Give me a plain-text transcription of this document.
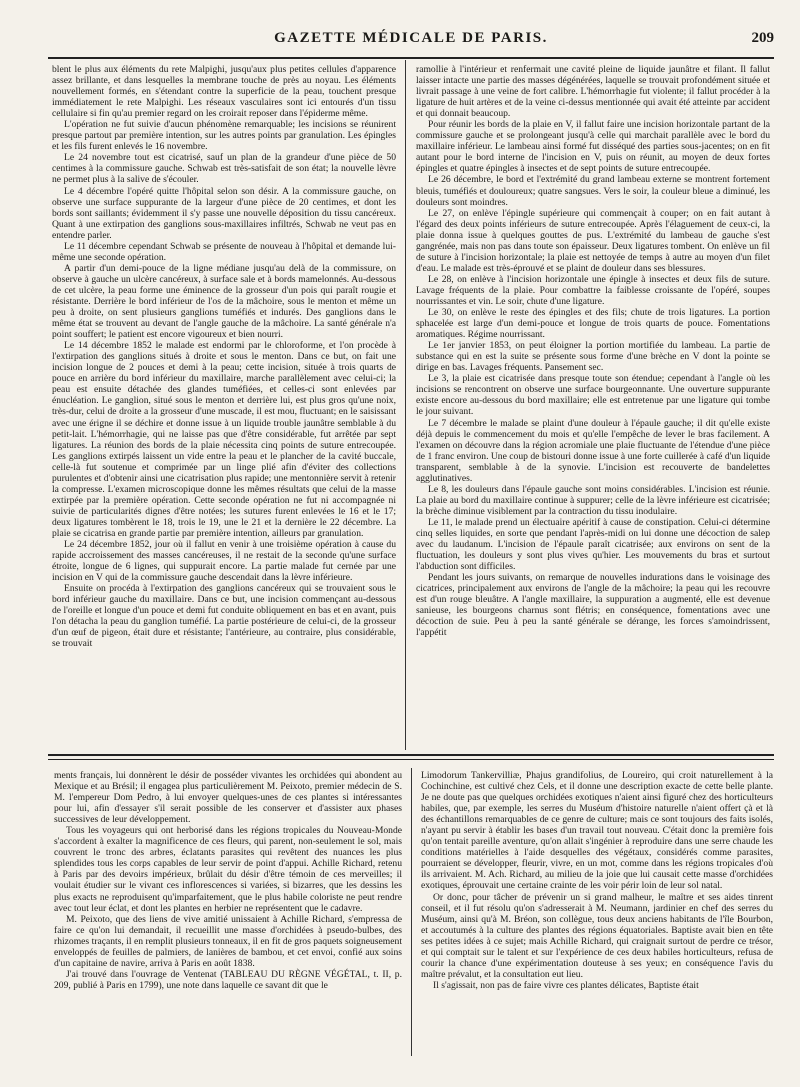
GAZETTE MÉDICALE DE PARIS.	209

blent le plus aux éléments du rete Malpighi, jusqu'aux plus petites cellules d'apparence assez brillante, et dans lesquelles la membrane touche de près au noyau. Les éléments nouvellement formés, en s'étendant contre la superficie de la peau, touchent presque immédiatement le rete Malpighi. Les réseaux vasculaires sont ici entourés d'un tissu cellulaire si fin qu'au premier regard on les croirait reposer dans l'épiderme même.

L'opération ne fut suivie d'aucun phénomène remarquable; les incisions se réunirent presque partout par première intention, sur les autres points par granulation. Les épingles et les fils furent enlevés le 16 novembre.

Le 24 novembre tout est cicatrisé, sauf un plan de la grandeur d'une pièce de 50 centimes à la commissure gauche. Schwab est très-satisfait de son état; la nouvelle lèvre ne permet plus à la salive de s'écouler.

Le 4 décembre l'opéré quitte l'hôpital selon son désir. A la commissure gauche, on observe une surface suppurante de la largeur d'une pièce de 20 centimes, et dont les bords sont saillants; évidemment il s'y passe une nouvelle déposition du tissu cancéreux. Quant à une extirpation des ganglions sous-maxillaires infiltrés, Schwab ne veut pas en entendre parler.

Le 11 décembre cependant Schwab se présente de nouveau à l'hôpital et demande lui-même une seconde opération.

A partir d'un demi-pouce de la ligne médiane jusqu'au delà de la commissure, on observe à gauche un ulcère cancéreux, à surface sale et à bords mamelonnés. Au-dessous de cet ulcère, la peau forme une éminence de la grosseur d'un pois qui paraît rougie et résistante. Derrière le bord inférieur de l'os de la mâchoire, sous le menton et même un peu à droite, on sent plusieurs ganglions tuméfiés et indurés. Des ganglions dans le même état se trouvent au devant de l'angle gauche de la mâchoire. La santé générale n'a point souffert; le patient est encore vigoureux et bien nourri.

Le 14 décembre 1852 le malade est endormi par le chloroforme, et l'on procède à l'extirpation des ganglions situés à droite et sous le menton. Dans ce but, on fait une incision longue de 2 pouces et demi à la peau; cette incision, située à trois quarts de pouce en arrière du bord inférieur du maxillaire, marche parallèlement avec celui-ci; la peau est ensuite détachée des glandes tuméfiées, et celles-ci sont enlevées par énucléation. Le ganglion, situé sous le menton et derrière lui, est plus gros qu'une noix, très-dur, celui de droite a la grosseur d'une muscade, il est mou, fluctuant; en le saisissant avec une érigne il se déchire et donne issue à un liquide trouble jaunâtre semblable à du petit-lait. L'hémorrhagie, qui ne laisse pas que d'être considérable, fut arrêtée par sept ligatures. La réunion des bords de la plaie nécessita cinq points de suture entrecoupée. Les ganglions extirpés laissent un vide entre la peau et le plancher de la cavité buccale, celle-là fut soutenue et comprimée par un linge plié afin d'éviter des collections purulentes et d'obtenir ainsi une cicatrisation plus rapide; une mentonnière servit à retenir la compresse. L'examen microscopique donne les mêmes résultats que celui de la masse extirpée par la première opération. Cette seconde opération ne fut ni accompagnée ni suivie de particularités dignes d'être notées; les sutures furent enlevées le 16 et le 17; deux ligatures tombèrent le 18, trois le 19, une le 21 et la dernière le 22 décembre. La plaie se cicatrisa en grande partie par première intention, ailleurs par granulation.

Le 24 décembre 1852, jour où il fallut en venir à une troisième opération à cause du rapide accroissement des masses cancéreuses, il ne restait de la seconde qu'une surface étroite, longue de 6 lignes, qui suppurait encore. La partie malade fut cernée par une incision en V qui de la commissure gauche descendait dans la lèvre inférieure.

Ensuite on procéda à l'extirpation des ganglions cancéreux qui se trouvaient sous le bord inférieur gauche du maxillaire. Dans ce but, une incision commençant au-dessous de l'oreille et longue d'un pouce et demi fut conduite obliquement en bas et en avant, puis l'on détacha la peau du ganglion tuméfié. La partie postérieure de celui-ci, de la grosseur d'un œuf de pigeon, était dure et résistante; l'antérieure, au contraire, plus considérable, se trouvait

ramollie à l'intérieur et renfermait une cavité pleine de liquide jaunâtre et filant. Il fallut laisser intacte une partie des masses dégénérées, laquelle se trouvait profondément située et livrait passage à une veine de fort calibre. L'hémorrhagie fut violente; il fallut procéder à la ligature de huit artères et de la veine ci-dessus mentionnée qui avait été atteinte par accident et qui donnait beaucoup.

Pour réunir les bords de la plaie en V, il fallut faire une incision horizontale partant de la commissure gauche et se prolongeant jusqu'à celle qui marchait parallèle avec le bord du maxillaire inférieur. Le lambeau ainsi formé fut disséqué des parties sous-jacentes; on en fit autant pour le bord interne de l'incision en V, puis on réunit, au moyen de deux fortes épingles et quatre épingles à insectes et de sept points de suture entrecoupée.

Le 26 décembre, le bord et l'extrémité du grand lambeau externe se montrent fortement bleuis, tuméfiés et douloureux; quatre sangsues. Vers le soir, la couleur bleue a diminué, les douleurs sont moindres.

Le 27, on enlève l'épingle supérieure qui commençait à couper; on en fait autant à l'égard des deux points inférieurs de suture entrecoupée. Après l'élaguement de ceux-ci, la plaie donna issue à quelques gouttes de pus. L'extrémité du lambeau de gauche s'est gangrénée, mais non pas dans toute son épaisseur. Deux ligatures tombent. On enlève un fil de suture à l'incision horizontale; la plaie est nettoyée de temps à autre au moyen d'un filet d'eau. Le malade est très-éprouvé et se plaint de douleur dans ses blessures.

Le 28, on enlève à l'incision horizontale une épingle à insectes et deux fils de suture. Lavage fréquents de la plaie. Pour combattre la faiblesse croissante de l'opéré, soupes nourrissantes et vin. Le soir, chute d'une ligature.

Le 30, on enlève le reste des épingles et des fils; chute de trois ligatures. La portion sphacelée est large d'un demi-pouce et longue de trois quarts de pouce. Fomentations aromatiques. Régime nourrissant.

Le 1er janvier 1853, on peut éloigner la portion mortifiée du lambeau. La partie de substance qui en est la suite se présente sous forme d'une brèche en V dont la pointe se dirige en bas. Lavages fréquents. Pansement sec.

Le 3, la plaie est cicatrisée dans presque toute son étendue; cependant à l'angle où les incisions se rencontrent on observe une surface bourgeonnante. Une ouverture suppurante existe encore au-dessous du bord maxillaire; elle est entretenue par une ligature qui tombe le jour suivant.

Le 7 décembre le malade se plaint d'une douleur à l'épaule gauche; il dit qu'elle existe déjà depuis le commencement du mois et qu'elle l'empêche de lever le bras facilement. A l'examen on découvre dans la région acromiale une plaie fluctuante de l'étendue d'une pièce de 1 franc environ. Une coup de bistouri donne issue à une forte cuillerée à café d'un liquide transparent, semblable à de la synovie. L'incision est recouverte de bandelettes agglutinatives.

Le 8, les douleurs dans l'épaule gauche sont moins considérables. L'incision est réunie. La plaie au bord du maxillaire continue à suppurer; celle de la lèvre inférieure est cicatrisée; la brèche diminue visiblement par la contraction du tissu inodulaire.

Le 11, le malade prend un électuaire apéritif à cause de constipation. Celui-ci détermine cinq selles liquides, en sorte que pendant l'après-midi on lui donne une décoction de salep avec du laudanum. L'incision de l'épaule paraît cicatrisée; aux environs on sent de la fluctuation, les douleurs y sont plus vives qu'hier. Les mouvements du bras et surtout l'abduction sont difficiles.

Pendant les jours suivants, on remarque de nouvelles indurations dans le voisinage des cicatrices, principalement aux environs de l'angle de la mâchoire; la peau qui les recouvre est d'un rouge bleuâtre. A l'angle maxillaire, la suppuration a augmenté, elle est devenue sanieuse, les bourgeons charnus sont flétris; en conséquence, fomentations avec une décoction de suie. Peu à peu la santé générale se dérange, les forces s'amoindrissent, l'appétit

ments français, lui donnèrent le désir de posséder vivantes les orchidées qui abondent au Mexique et au Brésil; il engagea plus particulièrement M. Peixoto, premier médecin de S. M. l'empereur Dom Pedro, à lui envoyer quelques-unes de ces plantes si intéressantes pour lui, afin d'essayer s'il serait possible de les conserver et d'assister aux phases successives de leur développement.

Tous les voyageurs qui ont herborisé dans les régions tropicales du Nouveau-Monde s'accordent à exalter la magnificence de ces fleurs, qui parent, non-seulement le sol, mais couvrent le tronc des arbres, éclatants parasites qui revêtent des nuances les plus splendides tous les corps capables de leur servir de point d'appui. Achille Richard, retenu à Paris par des devoirs impérieux, brûlait du désir d'être témoin de ces merveilles; il voulait étudier sur le vivant ces inflorescences si variées, si bizarres, que les dessins les plus exacts ne reproduisent qu'imparfaitement, que le plus habile coloriste ne peut rendre avec tout leur éclat, et dont les plantes en herbier ne représentent que le cadavre.

M. Peixoto, que des liens de vive amitié unissaient à Achille Richard, s'empressa de faire ce qu'on lui demandait, il recueillit une masse d'orchidées à pseudo-bulbes, des rhizomes traçants, il en remplit plusieurs tonneaux, il en fit de gros paquets soigneusement enveloppés de feuilles de palmiers, de lanières de bambou, et cet envoi, confié aux soins d'un capitaine de navire, arriva à Paris en août 1838.

J'ai trouvé dans l'ouvrage de Ventenat (TABLEAU DU RÈGNE VÉGÉTAL, t. II, p. 209, publié à Paris en 1799), une note dans laquelle ce savant dit que le

Limodorum Tankervilliæ, Phajus grandifolius, de Loureiro, qui croit naturellement à la Cochinchine, est cultivé chez Cels, et il donne une description exacte de cette belle plante. Je ne doute pas que quelques orchidées exotiques n'aient ainsi figuré chez des horticulteurs habiles, que, par exemple, les serres du Muséum d'histoire naturelle n'aient offert çà et là des échantillons remarquables de ce genre de culture; mais ce sont toujours des faits isolés, n'ayant pu servir à établir les bases d'un travail tout nouveau. C'était donc la première fois qu'on tentait pareille aventure, qu'on allait s'ingénier à reproduire dans une serre chaude les conditions matérielles à l'aide desquelles des végétaux, considérés comme parasites, pourraient se développer, fleurir, vivre, en un mot, comme dans les régions tropicales d'où ils arrivaient. M. Ach. Richard, au milieu de la joie que lui causait cette masse d'orchidées exotiques, éprouvait une certaine crainte de les voir périr loin de leur sol natal.

Or donc, pour tâcher de prévenir un si grand malheur, le maître et ses aides tinrent conseil, et il fut résolu qu'on s'adresserait à M. Neumann, jardinier en chef des serres du Muséum, ainsi qu'à M. Bréon, son collègue, tous deux anciens habitants de l'île Bourbon, et accoutumés à la culture des plantes des régions équatoriales. Baptiste avait bien en tête ses petites idées à ce sujet; mais Achille Richard, qui craignait surtout de perdre ce trésor, et qui comptait sur le talent et sur l'expérience de ces deux habiles horticulteurs, refusa de courir la chance d'une expérimentation douteuse à ses yeux; en conséquence l'avis du maître prévalut, et la consultation eut lieu.

Il s'agissait, non pas de faire vivre ces plantes délicates, Baptiste était
